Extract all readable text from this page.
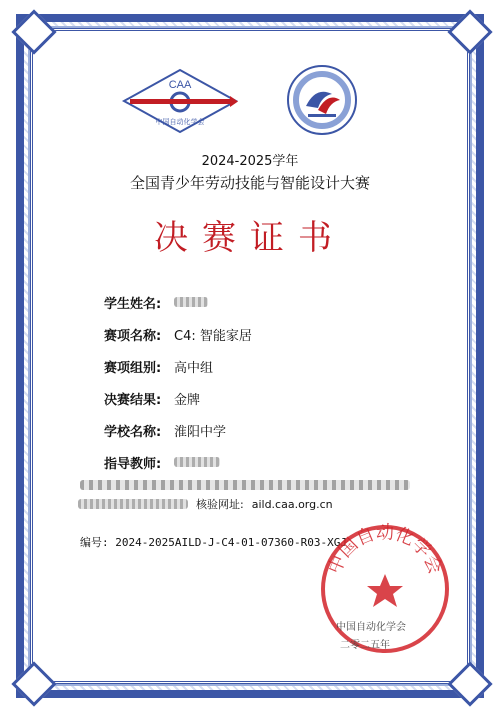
CAA
中国自动化学会
2024-2025学年
全国青少年劳动技能与智能设计大赛
决赛证书
学生姓名:
赛项名称: C4: 智能家居
赛项组别: 高中组
决赛结果: 金牌
学校名称: 淮阳中学
指导教师:
核验网址: aild.caa.org.cn
编号: 2024-2025AILD-J-C4-01-07360-R03-XGJ
中国自动化学会
中国自动化学会
二零二五年
